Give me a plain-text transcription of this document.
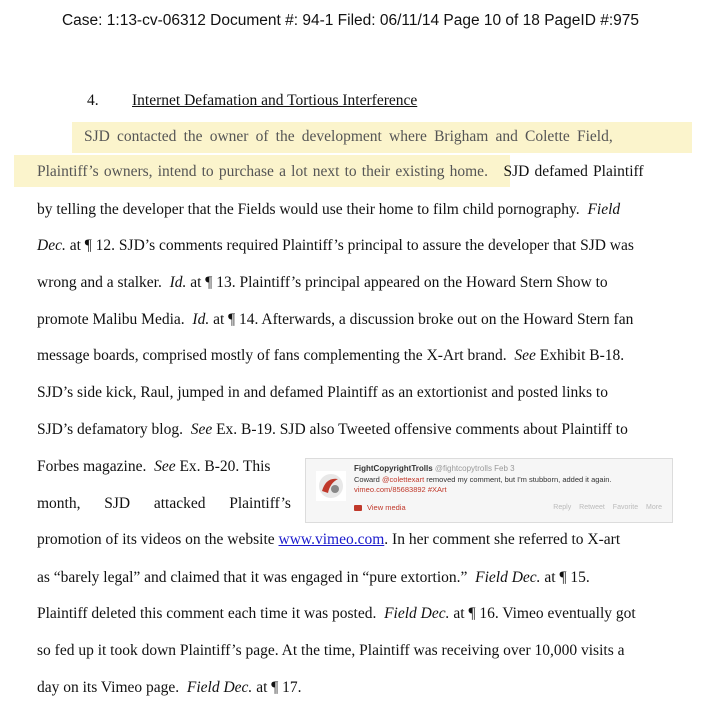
Case: 1:13-cv-06312 Document #: 94-1 Filed: 06/11/14 Page 10 of 18 PageID #:975
4. Internet Defamation and Tortious Interference
SJD contacted the owner of the development where Brigham and Colette Field,
Plaintiff’s owners, intend to purchase a lot next to their existing home. SJD defamed Plaintiff
by telling the developer that the Fields would use their home to film child pornography. Field
Dec. at ¶ 12. SJD’s comments required Plaintiff’s principal to assure the developer that SJD was
wrong and a stalker. Id. at ¶ 13. Plaintiff’s principal appeared on the Howard Stern Show to
promote Malibu Media. Id. at ¶ 14. Afterwards, a discussion broke out on the Howard Stern fan
message boards, comprised mostly of fans complementing the X-Art brand. See Exhibit B-18.
SJD’s side kick, Raul, jumped in and defamed Plaintiff as an extortionist and posted links to
SJD’s defamatory blog. See Ex. B-19. SJD also Tweeted offensive comments about Plaintiff to
Forbes magazine. See Ex. B-20. This
month, SJD attacked Plaintiff’s
promotion of its videos on the website www.vimeo.com. In her comment she referred to X-art
as “barely legal” and claimed that it was engaged in “pure extortion.” Field Dec. at ¶ 15.
Plaintiff deleted this comment each time it was posted. Field Dec. at ¶ 16. Vimeo eventually got
so fed up it took down Plaintiff’s page. At the time, Plaintiff was receiving over 10,000 visits a
day on its Vimeo page. Field Dec. at ¶ 17.
FightCopyrightTrolls @fightcopytrolls Feb 3
Coward @colettexart removed my comment, but I'm stubborn, added it again.
vimeo.com/85683892 #XArt
View media	Reply Retweet Favorite More
